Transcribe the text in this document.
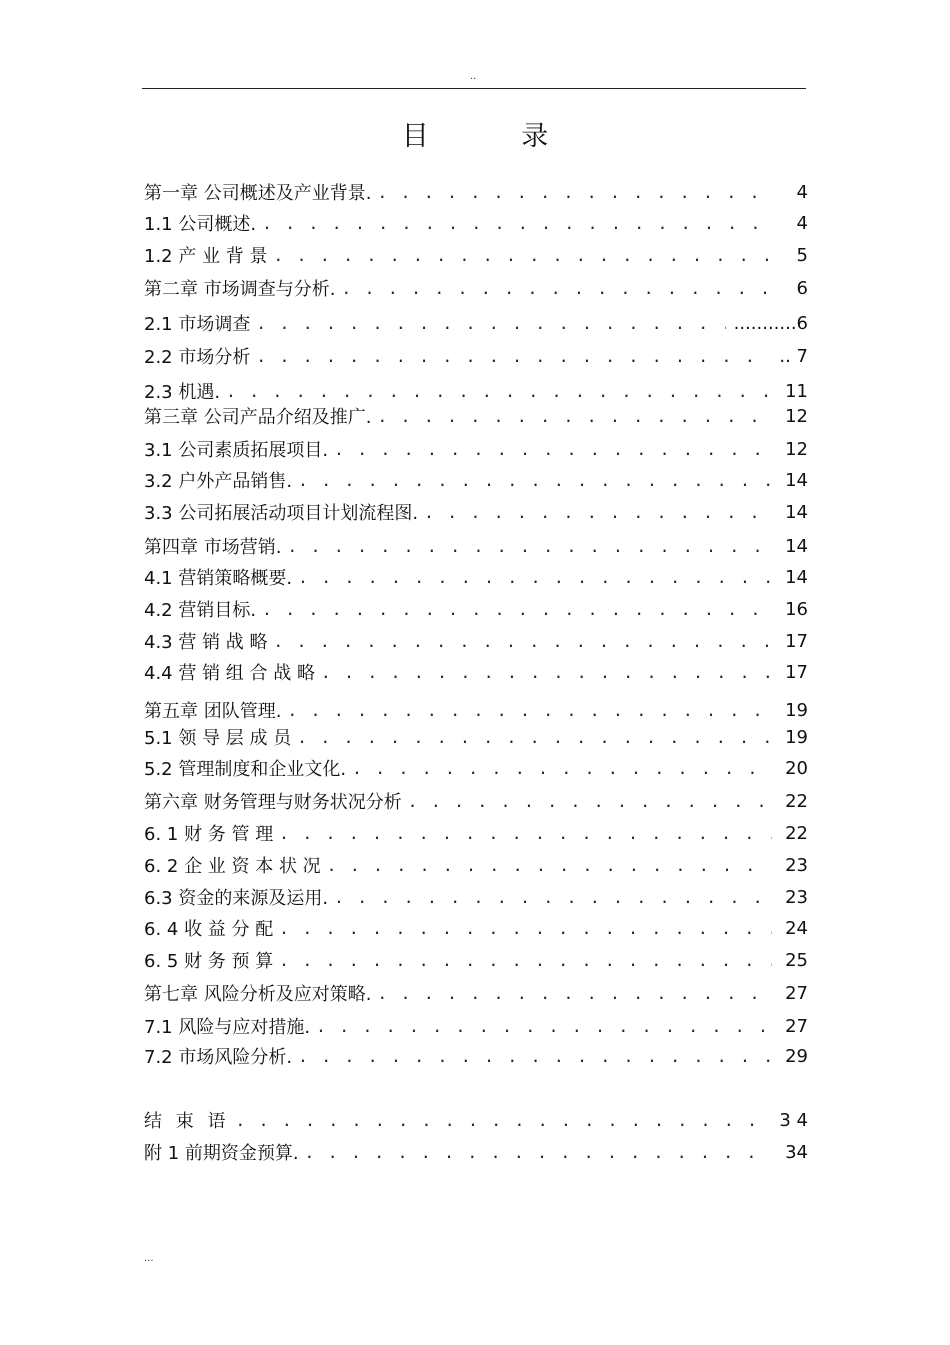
··
目 录
第一章 公司概述及产业背景. . . .	4
1.1 公司概述. . . .	4
1.2 产 业 背 景 . . .	5
第二章 市场调查与分析. . . .	6
2.1 市场调查 . . .	...........6
2.2 市场分析 . . .	.. 7
2.3 机遇. . . .	11
第三章 公司产品介绍及推广. . . .	12
3.1 公司素质拓展项目. . . .	12
3.2 户外产品销售. . . .	14
3.3 公司拓展活动项目计划流程图. . . .	14
第四章 市场营销. . . .	14
4.1 营销策略概要. . . .	14
4.2 营销目标. . . .	16
4.3 营 销 战 略 . . .	17
4.4 营 销 组 合 战 略 . . .	17
第五章 团队管理. . . .	19
5.1 领 导 层 成 员 . . .	19
5.2 管理制度和企业文化. . . .	20
第六章 财务管理与财务状况分析 . . .	22
6. 1 财 务 管 理 . . .	22
6. 2 企 业 资 本 状 况 . . .	23
6.3 资金的来源及运用. . . .	23
6. 4 收 益 分 配 . . .	24
6. 5 财 务 预 算 . . .	25
第七章 风险分析及应对策略. . . .	27
7.1 风险与应对措施. . . .	27
7.2 市场风险分析. . . .	29
结 束 语 . . .	3 4
附 1 前期资金预算. . . .	34
···
